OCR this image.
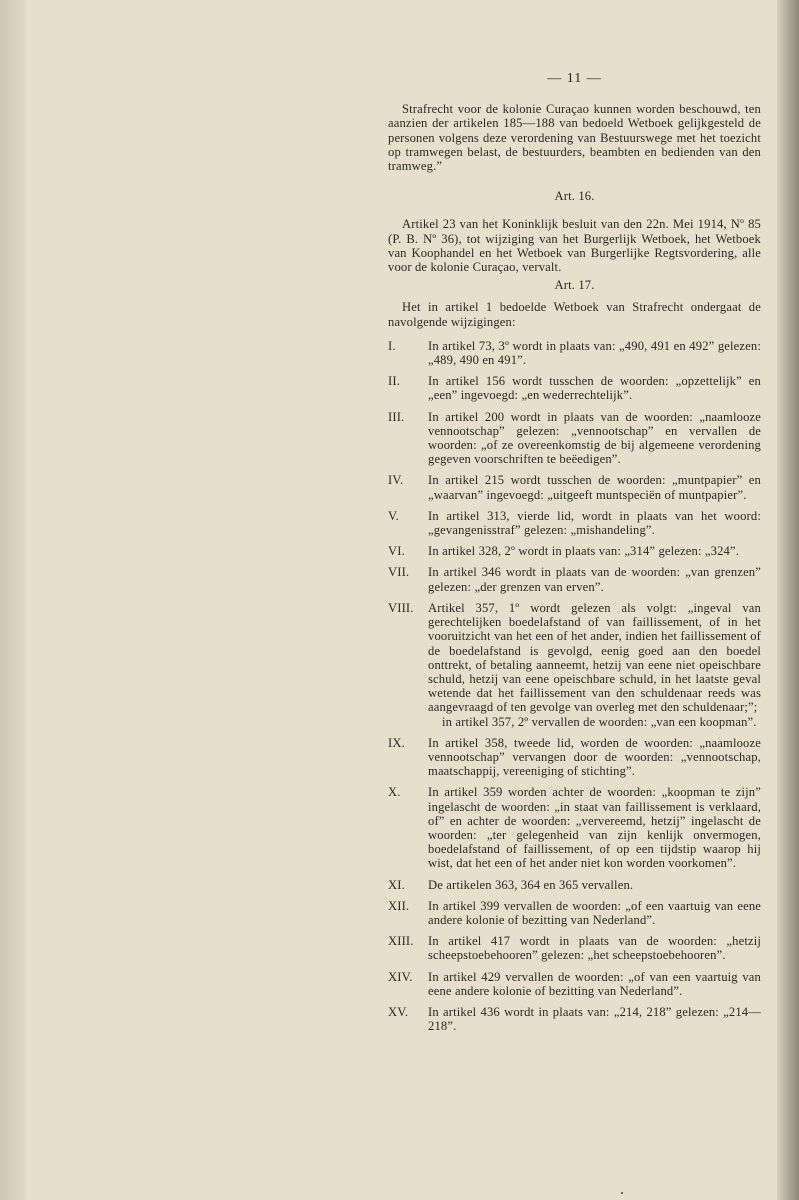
— 11 —

Strafrecht voor de kolonie Curaçao kunnen worden beschouwd, ten aanzien der artikelen 185—188 van bedoeld Wetboek gelijkgesteld de personen volgens deze verordening van Bestuurswege met het toezicht op tramwegen belast, de bestuurders, beambten en bedienden van den tramweg.”

Art. 16.

Artikel 23 van het Koninklijk besluit van den 22n. Mei 1914, Nº 85 (P. B. Nº 36), tot wijziging van het Burgerlijk Wetboek, het Wetboek van Koophandel en het Wetboek van Burgerlijke Regtsvordering, alle voor de kolonie Curaçao, vervalt.

Art. 17.

Het in artikel 1 bedoelde Wetboek van Strafrecht ondergaat de navolgende wijzigingen:

I.	In artikel 73, 3º wordt in plaats van: „490, 491 en 492” gelezen: „489, 490 en 491”.
II.	In artikel 156 wordt tusschen de woorden: „opzettelijk” en „een” ingevoegd: „en wederrechtelijk”.
III.	In artikel 200 wordt in plaats van de woorden: „naamlooze vennootschap” gelezen: „vennootschap” en vervallen de woorden: „of ze overeenkomstig de bij algemeene verordening gegeven voorschriften te beëedigen”.
IV.	In artikel 215 wordt tusschen de woorden: „muntpapier” en „waarvan” ingevoegd: „uitgeeft muntspeciën of muntpapier”.
V.	In artikel 313, vierde lid, wordt in plaats van het woord: „gevangenisstraf” gelezen: „mishandeling”.
VI.	In artikel 328, 2º wordt in plaats van: „314” gelezen: „324”.
VII.	In artikel 346 wordt in plaats van de woorden: „van grenzen” gelezen: „der grenzen van erven”.
VIII.	Artikel 357, 1º wordt gelezen als volgt: „ingeval van gerechtelijken boedelafstand of van faillissement, of in het vooruitzicht van het een of het ander, indien het faillissement of de boedelafstand is gevolgd, eenig goed aan den boedel onttrekt, of betaling aanneemt, hetzij van eene niet opeischbare schuld, hetzij van eene opeischbare schuld, in het laatste geval wetende dat het faillissement van den schuldenaar reeds was aangevraagd of ten gevolge van overleg met den schuldenaar;”;
in artikel 357, 2º vervallen de woorden: „van een koopman”.
IX.	In artikel 358, tweede lid, worden de woorden: „naamlooze vennootschap” vervangen door de woorden: „vennootschap, maatschappij, vereeniging of stichting”.
X.	In artikel 359 worden achter de woorden: „koopman te zijn” ingelascht de woorden: „in staat van faillissement is verklaard, of” en achter de woorden: „ververeemd, hetzij” ingelascht de woorden: „ter gelegenheid van zijn kenlijk onvermogen, boedelafstand of faillissement, of op een tijdstip waarop hij wist, dat het een of het ander niet kon worden voorkomen”.
XI.	De artikelen 363, 364 en 365 vervallen.
XII.	In artikel 399 vervallen de woorden: „of een vaartuig van eene andere kolonie of bezitting van Nederland”.
XIII.	In artikel 417 wordt in plaats van de woorden: „hetzij scheepstoebehooren” gelezen: „het scheepstoebehooren”.
XIV.	In artikel 429 vervallen de woorden: „of van een vaartuig van eene andere kolonie of bezitting van Nederland”.
XV.	In artikel 436 wordt in plaats van: „214, 218” gelezen: „214—218”.
